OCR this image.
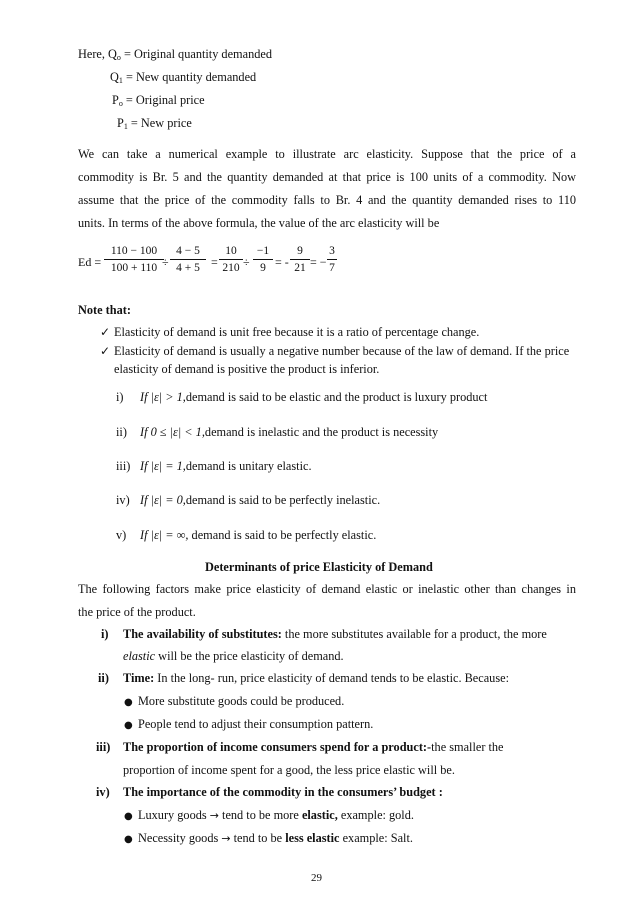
Here, $Q_o$ = Original quantity demanded
$Q_1$ = New quantity demanded
$P_o$ = Original price
$P_1$ = New price
We can take a numerical example to illustrate arc elasticity. Suppose that the price of a
commodity is Br. 5 and the quantity demanded at that price is 100 units of a commodity. Now
assume that the price of the commodity falls to Br. 4 and the quantity demanded rises to 110
units. In terms of the above formula, the value of the arc elasticity will be
Ed =
110 − 100
100 + 110 ÷
4 − 5
4 + 5 =
10
210 ÷
−1
9 = -
9
21 = −
3
7
Note that:
✓ Elasticity of demand is unit free because it is a ratio of percentage change.
✓ Elasticity of demand is usually a negative number because of the law of demand. If the price
elasticity of demand is positive the product is inferior.
i) If |ε| > 1,demand is said to be elastic and the product is luxury product
ii) If 0 ≤ |ε| < 1,demand is inelastic and the product is necessity
iii) If |ε| = 1,demand is unitary elastic.
iv) If |ε| = 0,demand is said to be perfectly inelastic.
v) If |ε| = ∞, demand is said to be perfectly elastic.
Determinants of price Elasticity of Demand
The following factors make price elasticity of demand elastic or inelastic other than changes in
the price of the product.
i) The availability of substitutes: the more substitutes available for a product, the more
elastic will be the price elasticity of demand.
ii) Time: In the long- run, price elasticity of demand tends to be elastic. Because:
● More substitute goods could be produced.
● People tend to adjust their consumption pattern.
iii) The proportion of income consumers spend for a product:-the smaller the
proportion of income spent for a good, the less price elastic will be.
iv) The importance of the commodity in the consumers’ budget :
● Luxury goods → tend to be more elastic, example: gold.
● Necessity goods → tend to be less elastic example: Salt.
29
